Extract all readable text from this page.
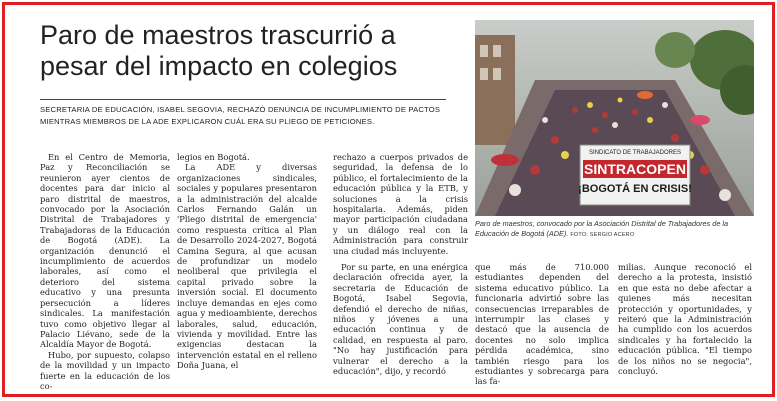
Paro de maestros trascurrió a pesar del impacto en colegios

SECRETARIA DE EDUCACIÓN, ISABEL SEGOVIA, RECHAZÓ DENUNCIA DE INCUMPLIMIENTO DE PACTOS MIENTRAS MIEMBROS DE LA ADE EXPLICARON CUÁL ERA SU PLIEGO DE PETICIONES.

En el Centro de Memoria, Paz y Reconciliación se reunieron ayer cientos de docentes para dar inicio al paro distrital de maestros, convocado por la Asociación Distrital de Trabajadores y Trabajadoras de la Educación de Bogotá (ADE). La organización denunció el incumplimiento de acuerdos laborales, así como el deterioro del sistema educativo y una presunta persecución a líderes sindicales. La manifestación tuvo como objetivo llegar al Palacio Liévano, sede de la Alcaldía Mayor de Bogotá.

Hubo, por supuesto, colapso de la movilidad y un impacto fuerte en la educación de los co-

legios en Bogotá.

La ADE y diversas organizaciones sindicales, sociales y populares presentaron a la administración del alcalde Carlos Fernando Galán un 'Pliego distrital de emergencia' como respuesta crítica al Plan de Desarrollo 2024-2027, Bogotá Camina Segura, al que acusan de profundizar un modelo neoliberal que privilegia el capital privado sobre la inversión social. El documento incluye demandas en ejes como agua y medioambiente, derechos laborales, salud, educación, vivienda y movilidad. Entre las exigencias destacan la intervención estatal en el relleno Doña Juana, el

rechazo a cuerpos privados de seguridad, la defensa de lo público, el fortalecimiento de la educación pública y la ETB, y soluciones a la crisis hospitalaria. Además, piden mayor participación ciudadana y un diálogo real con la Administración para construir una ciudad más incluyente.

Por su parte, en una enérgica declaración ofrecida ayer, la secretaria de Educación de Bogotá, Isabel Segovia, defendió el derecho de niñas, niños y jóvenes a una educación continua y de calidad, en respuesta al paro. "No hay justificación para vulnerar el derecho a la educación", dijo, y recordó

que más de 710.000 estudiantes dependen del sistema educativo público. La funcionaria advirtió sobre las consecuencias irreparables de interrumpir las clases y destacó que la ausencia de docentes no solo implica pérdida académica, sino también riesgo para los estudiantes y sobrecarga para las fa-

milias. Aunque reconoció el derecho a la protesta, insistió en que esta no debe afectar a quienes más necesitan protección y oportunidades, y reiteró que la Administración ha cumplido con los acuerdos sindicales y ha fortalecido la educación pública. "El tiempo de los niños no se negocia", concluyó.

SINDICATO DE TRABAJADORES
SINTRACOPEN
¡BOGOTÁ EN CRISIS!

Paro de maestros, convocado por la Asociación Distrital de Trabajadores de la Educación de Bogotá (ADE). FOTO: SERGIO ACERO
